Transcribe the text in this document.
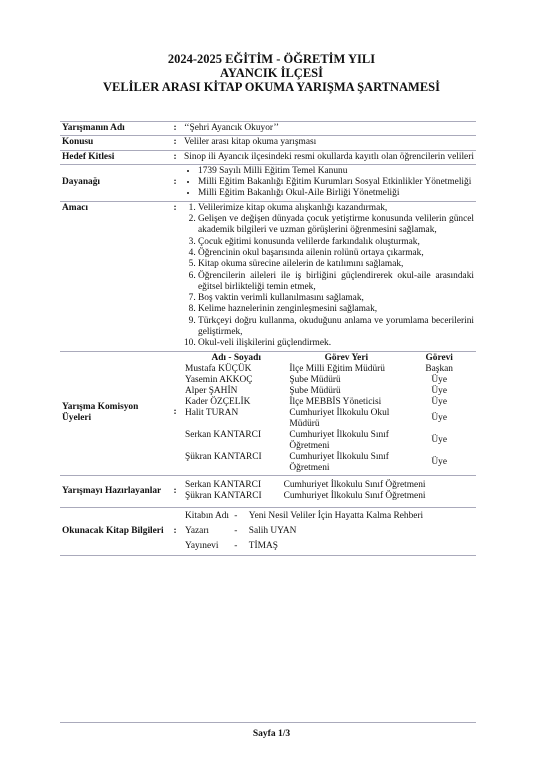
2024-2025 EĞİTİM - ÖĞRETİM YILI
AYANCIK İLÇESİ
VELİLER ARASI KİTAP OKUMA YARIŞMA ŞARTNAMESİ
Yarışmanın Adı	:	‘‘Şehri Ayancık Okuyor’’
Konusu	:	Veliler arası kitap okuma yarışması
Hedef Kitlesi	:	Sinop ili Ayancık ilçesindeki resmi okullarda kayıtlı olan öğrencilerin velileri
Dayanağı	:	
• 1739 Sayılı Milli Eğitim Temel Kanunu
• Milli Eğitim Bakanlığı Eğitim Kurumları Sosyal Etkinlikler Yönetmeliği
• Milli Eğitim Bakanlığı Okul-Aile Birliği Yönetmeliği

Amacı	:	
1.Velilerimize kitap okuma alışkanlığı kazandırmak,
2. Gelişen ve değişen dünyada çocuk yetiştirme konusunda velilerin güncel akademik bilgileri ve uzman görüşlerini öğrenmesini sağlamak,
3. Çocuk eğitimi konusunda velilerde farkındalık oluşturmak,
4. Öğrencinin okul başarısında ailenin rolünü ortaya çıkarmak,
5. Kitap okuma sürecine ailelerin de katılımını sağlamak,
6. Öğrencilerin aileleri ile iş birliğini güçlendirerek okul-aile arasındaki eğitsel birlikteliği temin etmek,
7. Boş vaktin verimli kullanılmasını sağlamak,
8. Kelime haznelerinin zenginleşmesini sağlamak,
9. Türkçeyi doğru kullanma, okuduğunu anlama ve yorumlama becerilerini geliştirmek,
10. Okul-veli ilişkilerini güçlendirmek.

Yarışma Komisyon Üyeleri	:	
Adı - Soyadı	Görev Yeri	Görevi
Mustafa KÜÇÜK	İlçe Milli Eğitim Müdürü	Başkan
Yasemin AKKOÇ	Şube Müdürü	Üye
Alper ŞAHİN	Şube Müdürü	Üye
Kader ÖZÇELİK	İlçe MEBBİS Yöneticisi	Üye
Halit TURAN	Cumhuriyet İlkokulu Okul Müdürü	Üye
Serkan KANTARCI	Cumhuriyet İlkokulu Sınıf Öğretmeni	Üye
Şükran KANTARCI	Cumhuriyet İlkokulu Sınıf Öğretmeni	Üye

Yarışmayı Hazırlayanlar	:	
Serkan KANTARCI	Cumhuriyet İlkokulu Sınıf Öğretmeni
Şükran KANTARCI	Cumhuriyet İlkokulu Sınıf Öğretmeni

Okunacak Kitap Bilgileri	:	
Kitabın Adı	-	Yeni Nesil Veliler İçin Hayatta Kalma Rehberi
Yazarı	-	Salih UYAN
Yayınevi	-	TİMAŞ
Sayfa 1/3
